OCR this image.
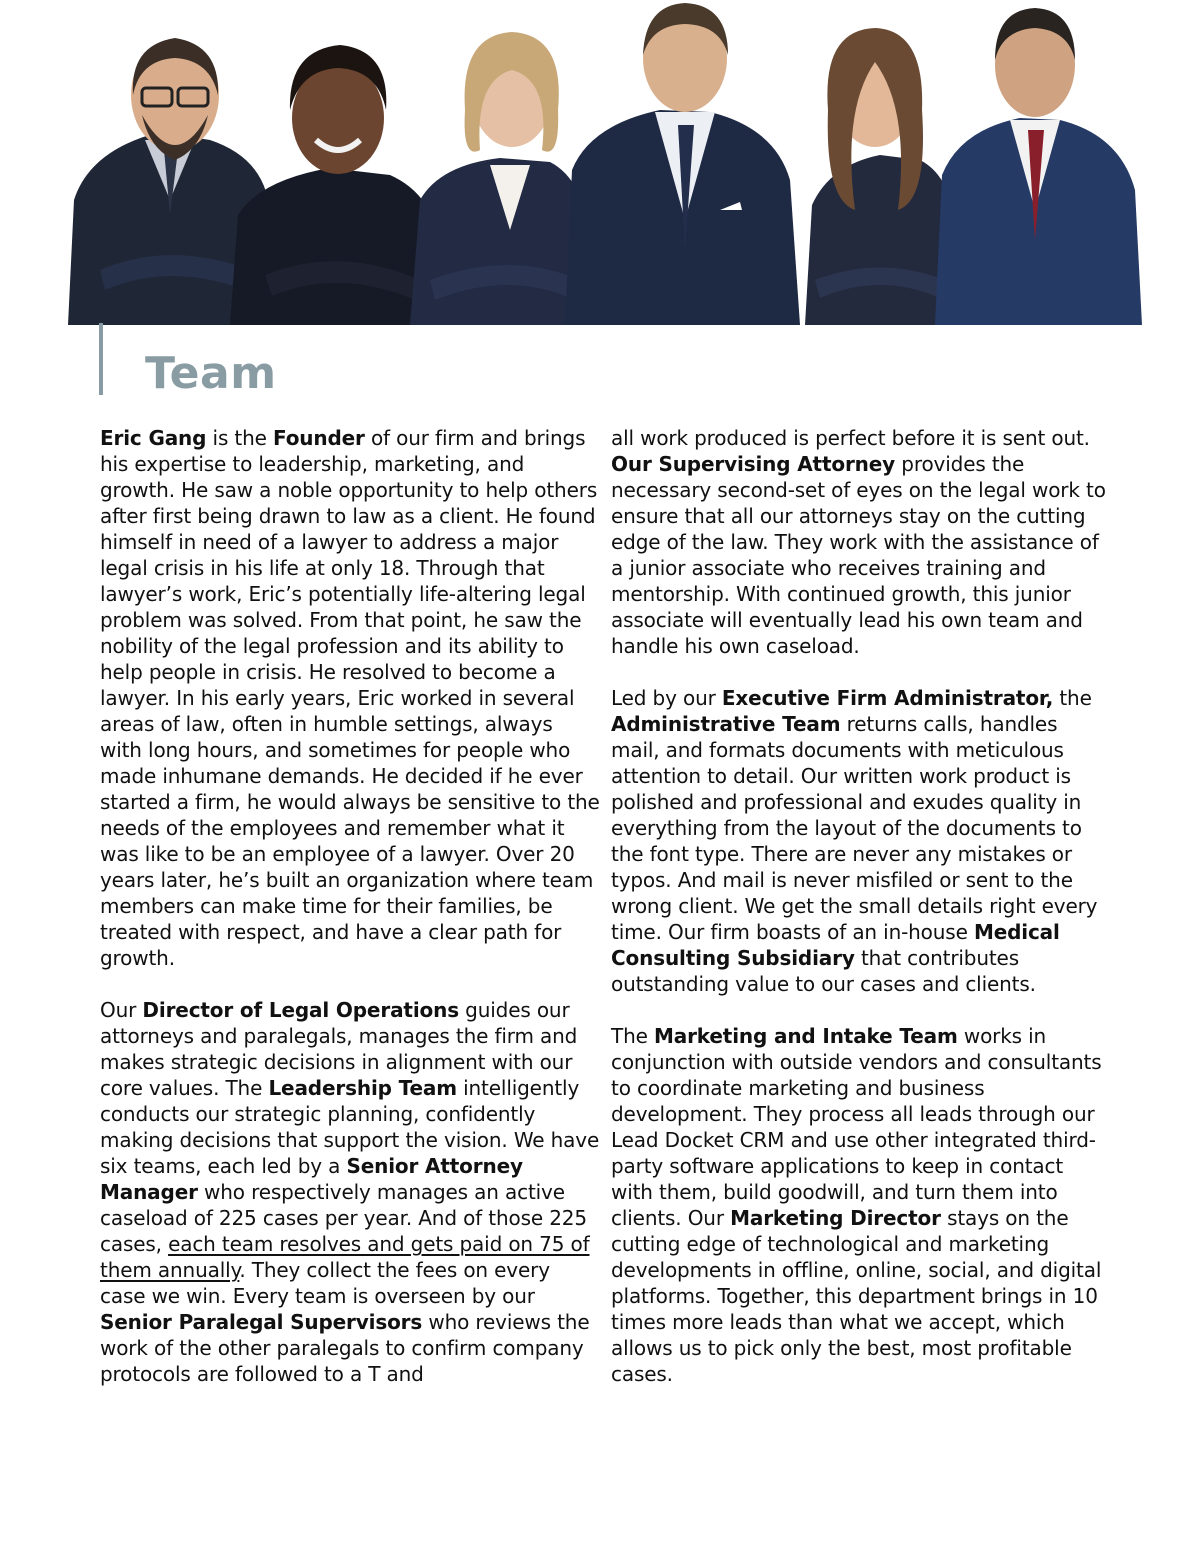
Team

Eric Gang is the Founder of our firm and brings his expertise to leadership, marketing, and growth. He saw a noble opportunity to help others after first being drawn to law as a client. He found himself in need of a lawyer to address a major legal crisis in his life at only 18. Through that lawyer’s work, Eric’s potentially life-altering legal problem was solved. From that point, he saw the nobility of the legal profession and its ability to help people in crisis. He resolved to become a lawyer. In his early years, Eric worked in several areas of law, often in humble settings, always with long hours, and sometimes for people who made inhumane demands. He decided if he ever started a firm, he would always be sensitive to the needs of the employees and remember what it was like to be an employee of a lawyer. Over 20 years later, he’s built an organization where team members can make time for their families, be treated with respect, and have a clear path for growth.

Our Director of Legal Operations guides our attorneys and paralegals, manages the firm and makes strategic decisions in alignment with our core values. The Leadership Team intelligently conducts our strategic planning, confidently making decisions that support the vision. We have six teams, each led by a Senior Attorney Manager who respectively manages an active caseload of 225 cases per year. And of those 225 cases, each team resolves and gets paid on 75 of them annually. They collect the fees on every case we win. Every team is overseen by our Senior Paralegal Supervisors who reviews the work of the other paralegals to confirm company protocols are followed to a T and

all work produced is perfect before it is sent out. Our Supervising Attorney provides the necessary second-set of eyes on the legal work to ensure that all our attorneys stay on the cutting edge of the law. They work with the assistance of a junior associate who receives training and mentorship. With continued growth, this junior associate will eventually lead his own team and handle his own caseload.

Led by our Executive Firm Administrator, the Administrative Team returns calls, handles mail, and formats documents with meticulous attention to detail. Our written work product is polished and professional and exudes quality in everything from the layout of the documents to the font type. There are never any mistakes or typos. And mail is never misfiled or sent to the wrong client. We get the small details right every time. Our firm boasts of an in-house Medical Consulting Subsidiary that contributes outstanding value to our cases and clients.

The Marketing and Intake Team works in conjunction with outside vendors and consultants to coordinate marketing and business development. They process all leads through our Lead Docket CRM and use other integrated third-party software applications to keep in contact with them, build goodwill, and turn them into clients. Our Marketing Director stays on the cutting edge of technological and marketing developments in offline, online, social, and digital platforms. Together, this department brings in 10 times more leads than what we accept, which allows us to pick only the best, most profitable cases.
